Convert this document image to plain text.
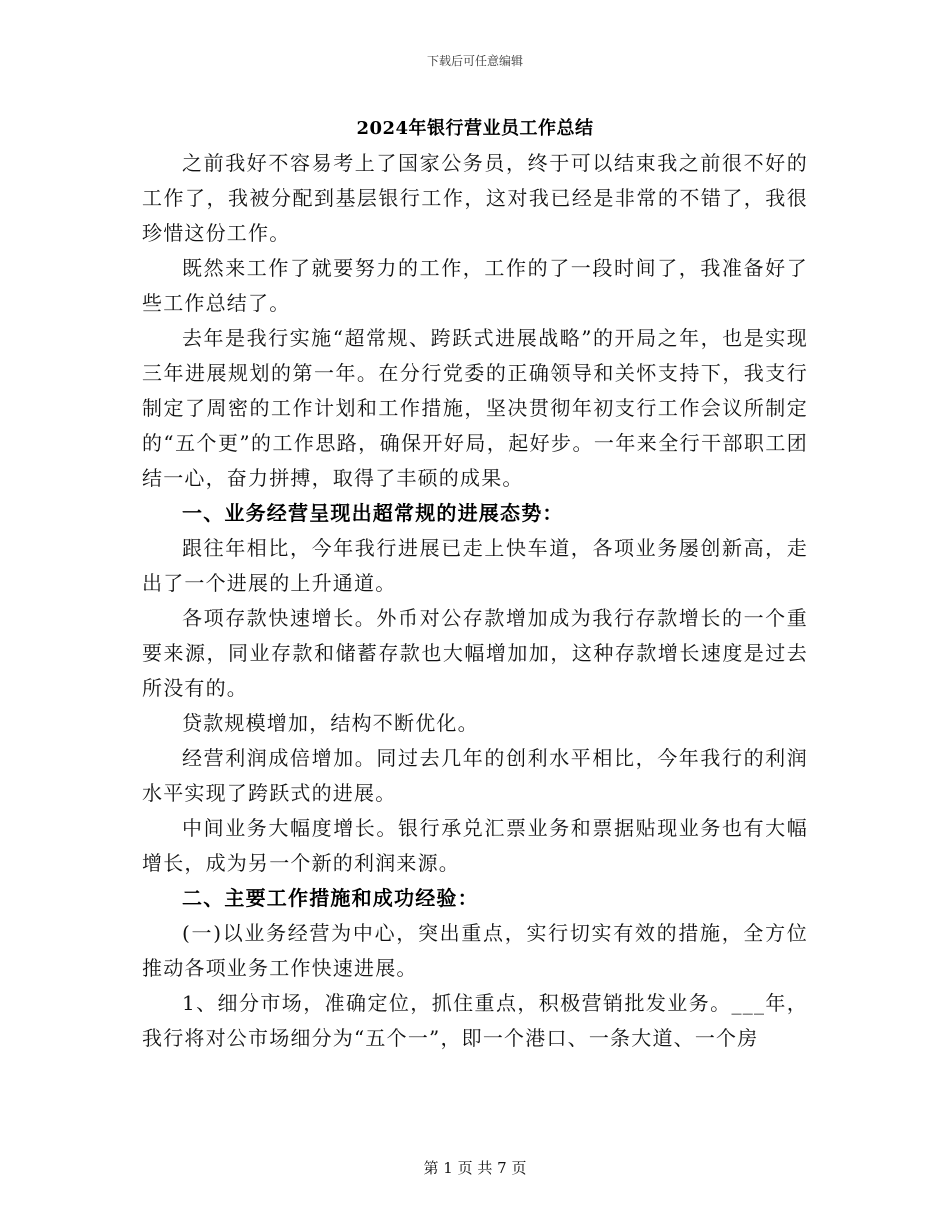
下载后可任意编辑
2024年银行营业员工作总结

之前我好不容易考上了国家公务员，终于可以结束我之前很不好的工作了，我被分配到基层银行工作，这对我已经是非常的不错了，我很珍惜这份工作。

既然来工作了就要努力的工作，工作的了一段时间了，我准备好了些工作总结了。

去年是我行实施“超常规、跨跃式进展战略”的开局之年，也是实现三年进展规划的第一年。在分行党委的正确领导和关怀支持下，我支行制定了周密的工作计划和工作措施，坚决贯彻年初支行工作会议所制定的“五个更”的工作思路，确保开好局，起好步。一年来全行干部职工团结一心，奋力拼搏，取得了丰硕的成果。

一、业务经营呈现出超常规的进展态势：

跟往年相比，今年我行进展已走上快车道，各项业务屡创新高，走出了一个进展的上升通道。

各项存款快速增长。外币对公存款增加成为我行存款增长的一个重要来源，同业存款和储蓄存款也大幅增加加，这种存款增长速度是过去所没有的。

贷款规模增加，结构不断优化。

经营利润成倍增加。同过去几年的创利水平相比，今年我行的利润水平实现了跨跃式的进展。

中间业务大幅度增长。银行承兑汇票业务和票据贴现业务也有大幅增长，成为另一个新的利润来源。

二、主要工作措施和成功经验：

(一)以业务经营为中心，突出重点，实行切实有效的措施，全方位推动各项业务工作快速进展。

1、细分市场，准确定位，抓住重点，积极营销批发业务。___年，我行将对公市场细分为“五个一”，即一个港口、一条大道、一个房

第 1 页 共 7 页
